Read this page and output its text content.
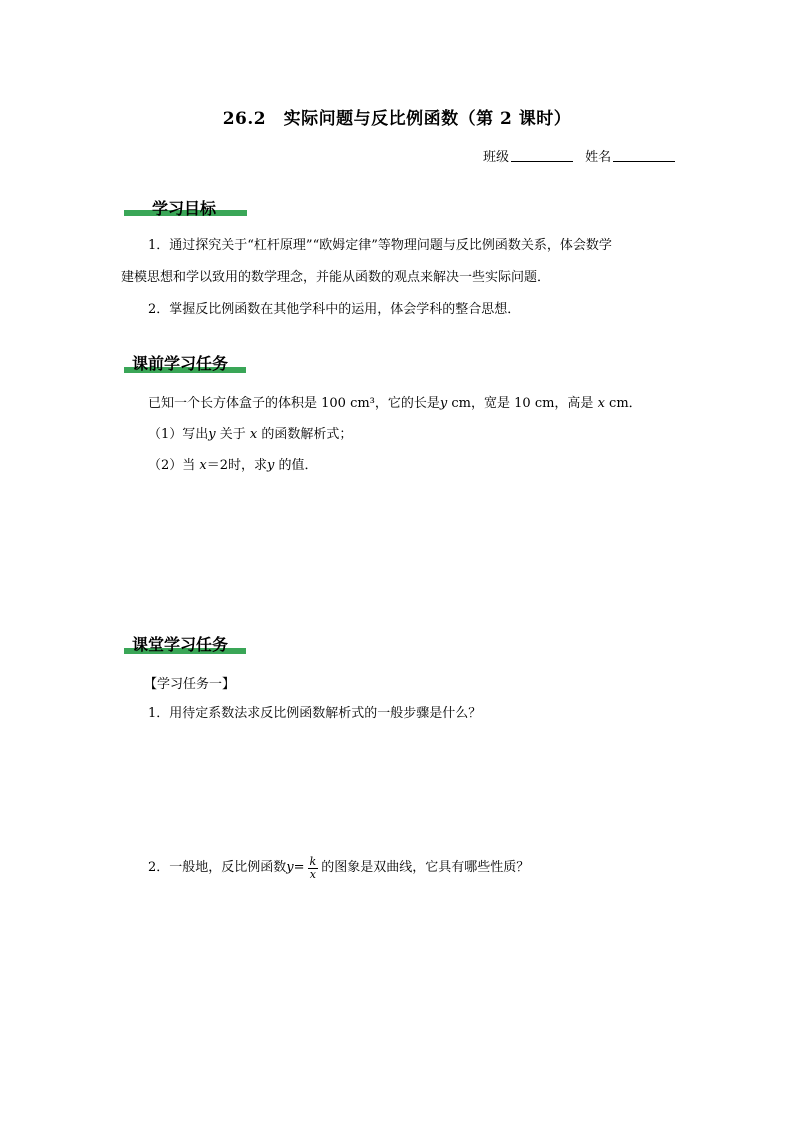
26.2　实际问题与反比例函数（第 2 课时）
班级	姓名
学习目标
1．通过探究关于“杠杆原理”“欧姆定律”等物理问题与反比例函数关系，体会数学
建模思想和学以致用的数学理念，并能从函数的观点来解决一些实际问题．
2．掌握反比例函数在其他学科中的运用，体会学科的整合思想．
课前学习任务
已知一个长方体盒子的体积是 100 cm³，它的长是y cm，宽是 10 cm，高是 x cm．
（1）写出y 关于 x 的函数解析式；
（2）当 x＝2时，求y 的值．
课堂学习任务
【学习任务一】
1．用待定系数法求反比例函数解析式的一般步骤是什么？
2．一般地，反比例函数 $y = \frac{k}{x}$ 的图象是双曲线，它具有哪些性质？
